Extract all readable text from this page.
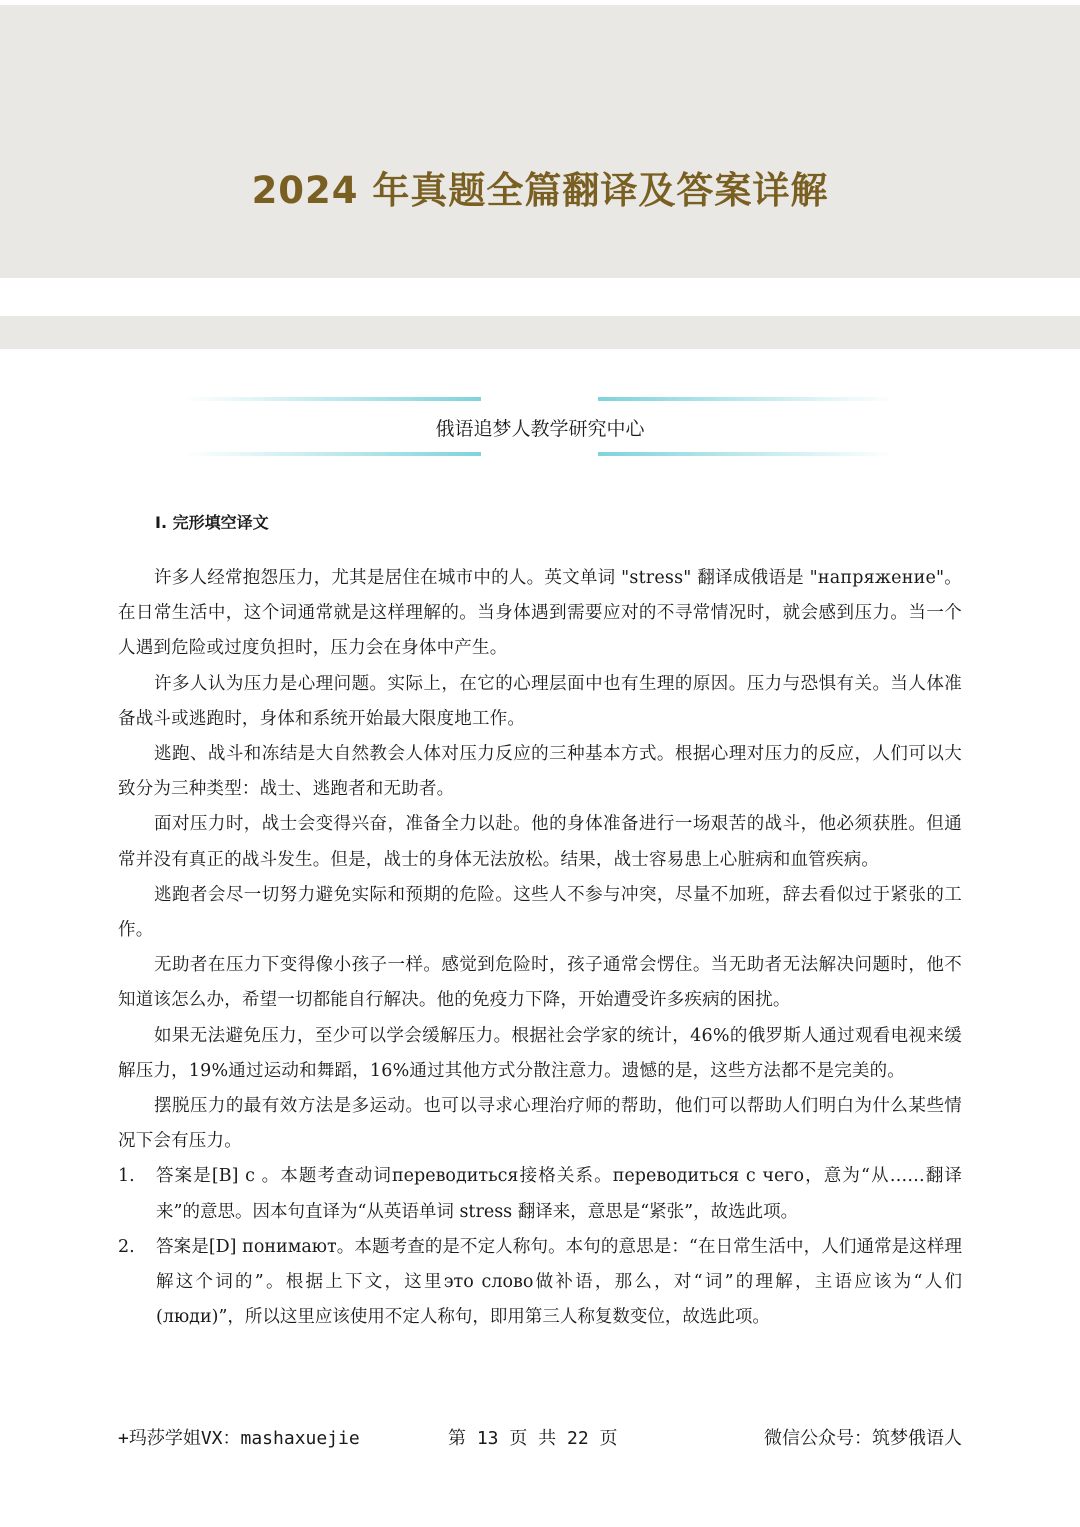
2024 年真题全篇翻译及答案详解
俄语追梦人教学研究中心
I. 完形填空译文

许多人经常抱怨压力，尤其是居住在城市中的人。英文单词 "stress" 翻译成俄语是 "напряжение"。在日常生活中，这个词通常就是这样理解的。当身体遇到需要应对的不寻常情况时，就会感到压力。当一个人遇到危险或过度负担时，压力会在身体中产生。

许多人认为压力是心理问题。实际上，在它的心理层面中也有生理的原因。压力与恐惧有关。当人体准备战斗或逃跑时，身体和系统开始最大限度地工作。

逃跑、战斗和冻结是大自然教会人体对压力反应的三种基本方式。根据心理对压力的反应，人们可以大致分为三种类型：战士、逃跑者和无助者。

面对压力时，战士会变得兴奋，准备全力以赴。他的身体准备进行一场艰苦的战斗，他必须获胜。但通常并没有真正的战斗发生。但是，战士的身体无法放松。结果，战士容易患上心脏病和血管疾病。

逃跑者会尽一切努力避免实际和预期的危险。这些人不参与冲突，尽量不加班，辞去看似过于紧张的工作。

无助者在压力下变得像小孩子一样。感觉到危险时，孩子通常会愣住。当无助者无法解决问题时，他不知道该怎么办，希望一切都能自行解决。他的免疫力下降，开始遭受许多疾病的困扰。

如果无法避免压力，至少可以学会缓解压力。根据社会学家的统计，46%的俄罗斯人通过观看电视来缓解压力，19%通过运动和舞蹈，16%通过其他方式分散注意力。遗憾的是，这些方法都不是完美的。

摆脱压力的最有效方法是多运动。也可以寻求心理治疗师的帮助，他们可以帮助人们明白为什么某些情况下会有压力。

1. 答案是[B] с 。本题考查动词переводиться接格关系。переводиться с чего，意为“从……翻译来”的意思。因本句直译为“从英语单词 stress 翻译来，意思是“紧张”，故选此项。
2. 答案是[D] понимают。本题考查的是不定人称句。本句的意思是：“在日常生活中，人们通常是这样理解这个词的”。根据上下文，这里это слово做补语，那么，对“词”的理解，主语应该为“人们(люди)”，所以这里应该使用不定人称句，即用第三人称复数变位，故选此项。
+玛莎学姐VX：mashaxuejie	第 13 页 共 22 页	微信公众号：筑梦俄语人
